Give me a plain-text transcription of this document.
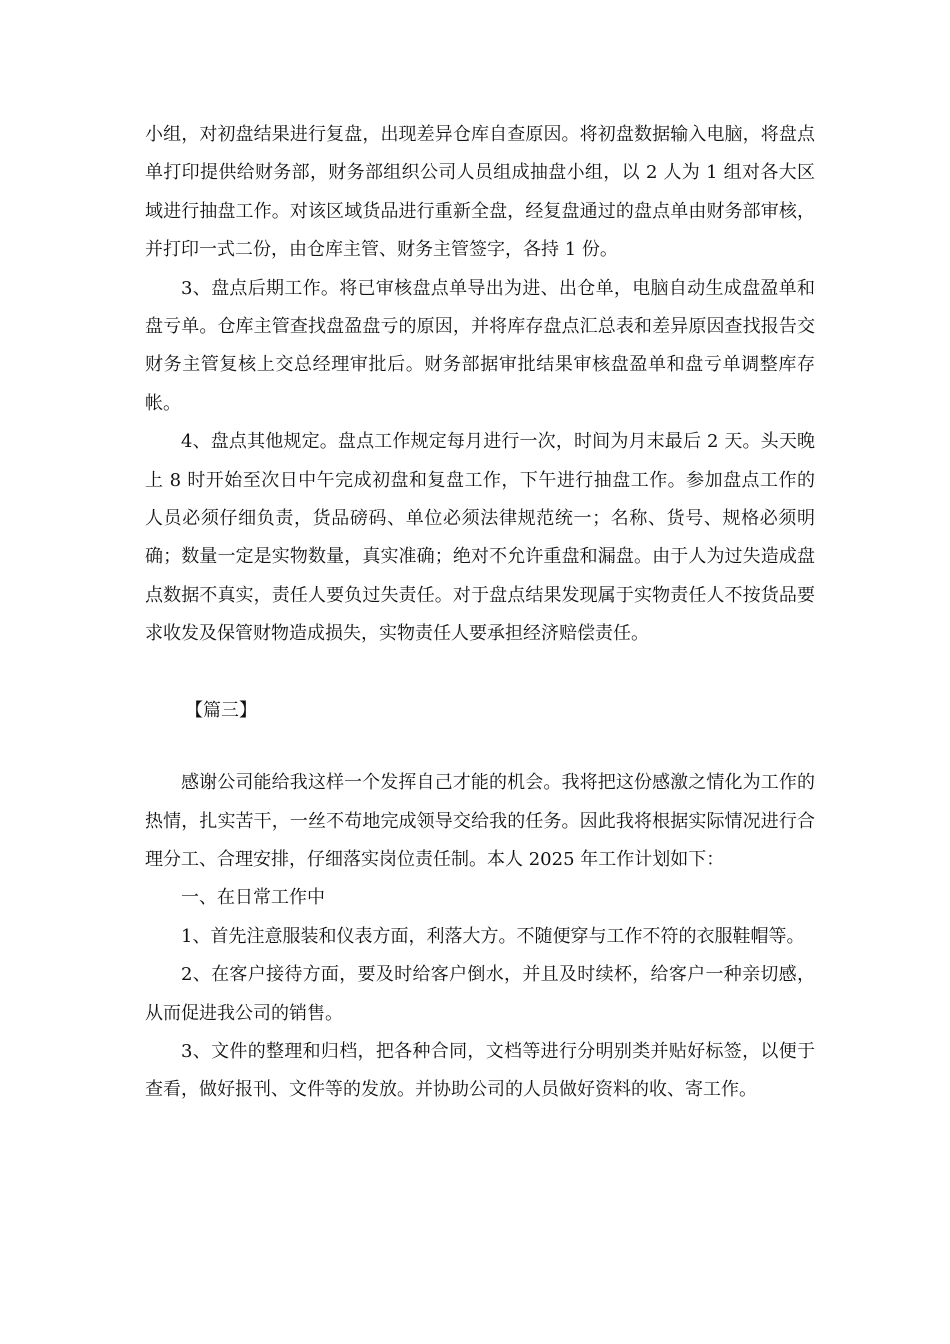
小组，对初盘结果进行复盘，出现差异仓库自查原因。将初盘数据输入电脑，将盘点单打印提供给财务部，财务部组织公司人员组成抽盘小组，以 2 人为 1 组对各大区域进行抽盘工作。对该区域货品进行重新全盘，经复盘通过的盘点单由财务部审核，并打印一式二份，由仓库主管、财务主管签字，各持 1 份。

3、盘点后期工作。将已审核盘点单导出为进、出仓单，电脑自动生成盘盈单和盘亏单。仓库主管查找盘盈盘亏的原因，并将库存盘点汇总表和差异原因查找报告交财务主管复核上交总经理审批后。财务部据审批结果审核盘盈单和盘亏单调整库存帐。

4、盘点其他规定。盘点工作规定每月进行一次，时间为月末最后 2 天。头天晚上 8 时开始至次日中午完成初盘和复盘工作，下午进行抽盘工作。参加盘点工作的人员必须仔细负责，货品磅码、单位必须法律规范统一；名称、货号、规格必须明确；数量一定是实物数量，真实准确；绝对不允许重盘和漏盘。由于人为过失造成盘点数据不真实，责任人要负过失责任。对于盘点结果发现属于实物责任人不按货品要求收发及保管财物造成损失，实物责任人要承担经济赔偿责任。

【篇三】

感谢公司能给我这样一个发挥自己才能的机会。我将把这份感激之情化为工作的热情，扎实苦干，一丝不苟地完成领导交给我的任务。因此我将根据实际情况进行合理分工、合理安排，仔细落实岗位责任制。本人 2025 年工作计划如下：

一、在日常工作中

1、首先注意服装和仪表方面，利落大方。不随便穿与工作不符的衣服鞋帽等。

2、在客户接待方面，要及时给客户倒水，并且及时续杯，给客户一种亲切感，从而促进我公司的销售。

3、文件的整理和归档，把各种合同，文档等进行分明别类并贴好标签，以便于查看，做好报刊、文件等的发放。并协助公司的人员做好资料的收、寄工作。
